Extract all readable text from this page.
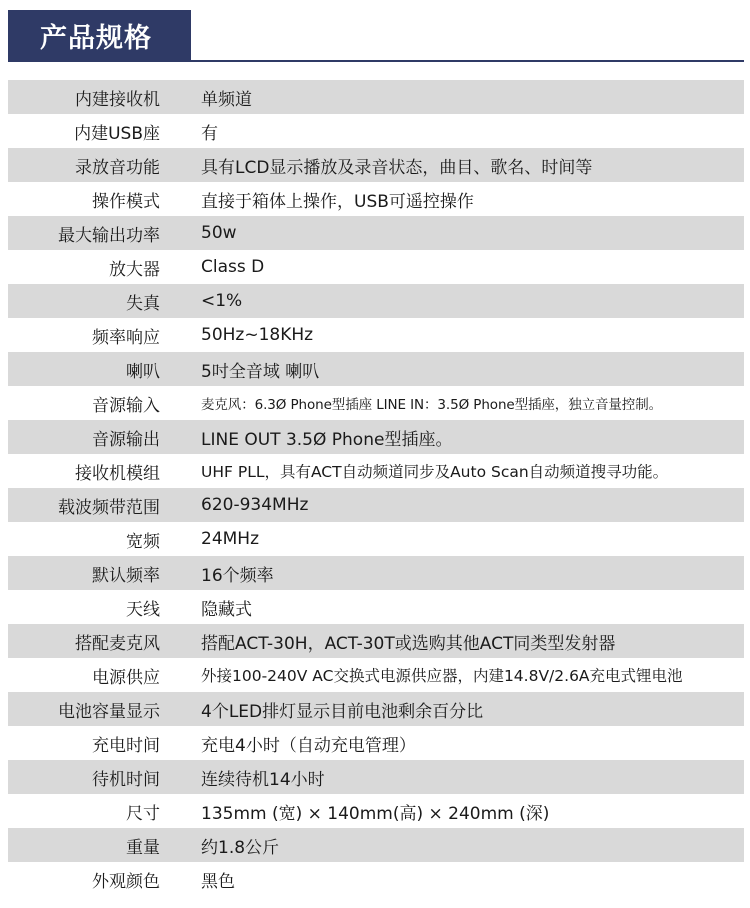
产品规格
内建接收机 单频道
内建USB座 有
录放音功能 具有LCD显示播放及录音状态，曲目、歌名、时间等
操作模式 直接于箱体上操作，USB可遥控操作
最大输出功率 50w
放大器 Class D
失真 <1%
频率响应 50Hz~18KHz
喇叭 5吋全音域 喇叭
音源输入	麦克风：6.3Ø Phone型插座 LINE IN：3.5Ø Phone型插座，独立音量控制。
音源输出 LINE OUT 3.5Ø Phone型插座。
接收机模组	UHF PLL，具有ACT自动频道同步及Auto Scan自动频道搜寻功能。
载波频带范围 620-934MHz
宽频 24MHz
默认频率 16个频率
天线 隐藏式
搭配麦克风 搭配ACT-30H，ACT-30T或选购其他ACT同类型发射器
电源供应	外接100-240V AC交换式电源供应器，内建14.8V/2.6A充电式锂电池
电池容量显示 4个LED排灯显示目前电池剩余百分比
充电时间 充电4小时（自动充电管理）
待机时间 连续待机14小时
尺寸 135mm (宽) × 140mm(高) × 240mm (深)
重量 约1.8公斤
外观颜色 黑色
